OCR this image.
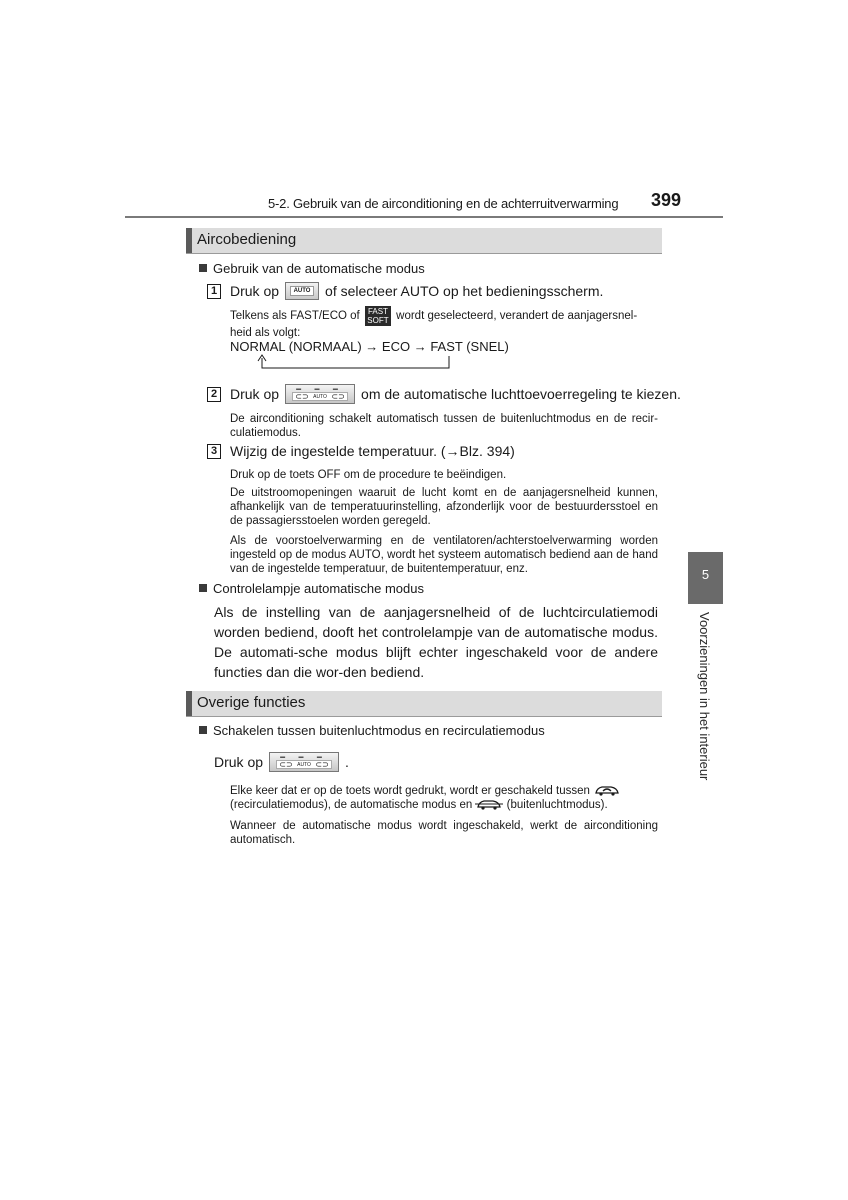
5-2. Gebruik van de airconditioning en de achterruitverwarming 399
5
Voorzieningen in het interieur
Aircobediening
Gebruik van de automatische modus
1 Druk op	AUTO of selecteer AUTO op het bedieningsscherm.
Telkens als FAST/ECO of FAST
SOFT wordt geselecteerd, verandert de aanjagersnel-
heid als volgt:
NORMAL (NORMAAL) → ECO → FAST (SNEL)
2 Druk op	▬ ▬ ▬
⊂⊃ AUTO ⊂⊃ om de automatische luchttoevoerregeling te kiezen.
De airconditioning schakelt automatisch tussen de buitenluchtmodus en de recir-culatiemodus.
3 Wijzig de ingestelde temperatuur. (→Blz. 394)
Druk op de toets OFF om de procedure te beëindigen.
De uitstroomopeningen waaruit de lucht komt en de aanjagersnelheid kunnen, afhankelijk van de temperatuurinstelling, afzonderlijk voor de bestuurdersstoel en de passagiersstoelen worden geregeld.
Als de voorstoelverwarming en de ventilatoren/achterstoelverwarming worden ingesteld op de modus AUTO, wordt het systeem automatisch bediend aan de hand van de ingestelde temperatuur, de buitentemperatuur, enz.
Controlelampje automatische modus
Als de instelling van de aanjagersnelheid of de luchtcirculatiemodi worden bediend, dooft het controlelampje van de automatische modus. De automati-sche modus blijft echter ingeschakeld voor de andere functies dan die wor-den bediend.
Overige functies
Schakelen tussen buitenluchtmodus en recirculatiemodus
Druk op	▬ ▬ ▬
⊂⊃ AUTO ⊂⊃ .
Elke keer dat er op de toets wordt gedrukt, wordt er geschakeld tussen
(recirculatiemodus), de automatische modus en	(buitenluchtmodus).
Wanneer de automatische modus wordt ingeschakeld, werkt de airconditioning automatisch.
